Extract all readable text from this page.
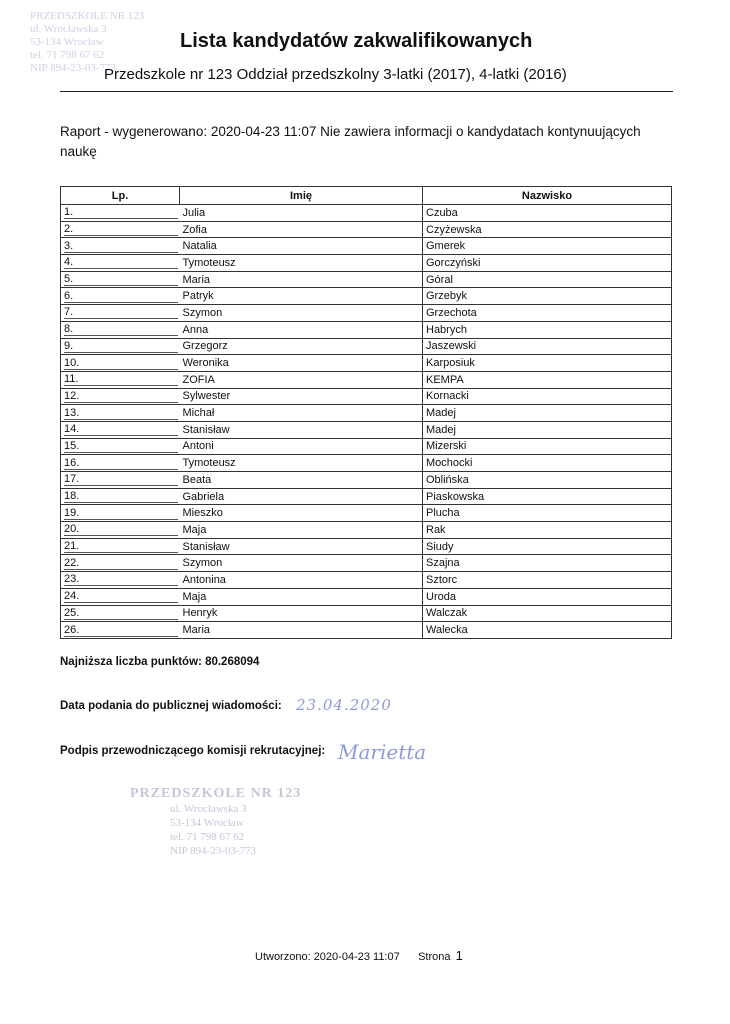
PRZEDSZKOLE NR 123
ul. Wrocławska 3
53-134 Wrocław
tel. 71 798 67 62
NIP 894-23-03-773
Lista kandydatów zakwalifikowanych
Przedszkole nr 123 Oddział przedszkolny 3-latki (2017), 4-latki (2016)
Raport - wygenerowano: 2020-04-23 11:07 Nie zawiera informacji o kandydatach kontynuujących naukę
Lp.	Imię	Nazwisko

1.	Julia	Czuba

2.	Zofia	Czyżewska

3.	Natalia	Gmerek

4.	Tymoteusz	Gorczyński

5.	Maria	Góral

6.	Patryk	Grzebyk

7.	Szymon	Grzechota

8.	Anna	Habrych

9.	Grzegorz	Jaszewski

10.	Weronika	Karposiuk

11.	ZOFIA	KEMPA

12.	Sylwester	Kornacki

13.	Michał	Madej

14.	Stanisław	Madej

15.	Antoni	Mizerski

16.	Tymoteusz	Mochocki

17.	Beata	Oblińska

18.	Gabriela	Piaskowska

19.	Mieszko	Plucha

20.	Maja	Rak

21.	Stanisław	Siudy

22.	Szymon	Szajna

23.	Antonina	Sztorc

24.	Maja	Uroda

25.	Henryk	Walczak

26.	Maria	Walecka
Najniższa liczba punktów: 80.268094
Data podania do publicznej wiadomości: 23.04.2020
Podpis przewodniczącego komisji rekrutacyjnej: Marietta
PRZEDSZKOLE NR 123
ul. Wrocławska 3
53-134 Wrocław
tel. 71 798 67 62
NIP 894-23-03-773
Utworzono: 2020-04-23 11:07 Strona 1
